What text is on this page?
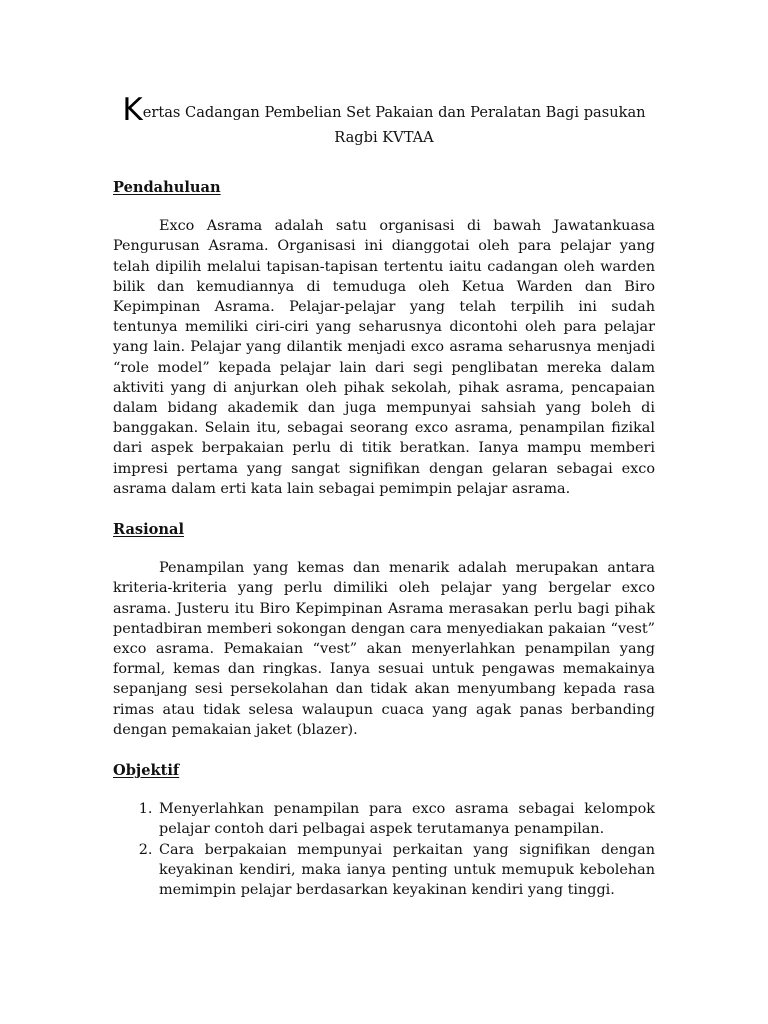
Kertas Cadangan Pembelian Set Pakaian dan Peralatan Bagi pasukan
Ragbi KVTAA
Pendahuluan

Exco Asrama adalah satu organisasi di bawah Jawatankuasa Pengurusan Asrama. Organisasi ini dianggotai oleh para pelajar yang telah dipilih melalui tapisan-tapisan tertentu iaitu cadangan oleh warden bilik dan kemudiannya di temuduga oleh Ketua Warden dan Biro Kepimpinan Asrama. Pelajar-pelajar yang telah terpilih ini sudah tentunya memiliki ciri-ciri yang seharusnya dicontohi oleh para pelajar yang lain. Pelajar yang dilantik menjadi exco asrama seharusnya menjadi “role model” kepada pelajar lain dari segi penglibatan mereka dalam aktiviti yang di anjurkan oleh pihak sekolah, pihak asrama, pencapaian dalam bidang akademik dan juga mempunyai sahsiah yang boleh di banggakan. Selain itu, sebagai seorang exco asrama, penampilan fizikal dari aspek berpakaian perlu di titik beratkan. Ianya mampu memberi impresi pertama yang sangat signifikan dengan gelaran sebagai exco asrama dalam erti kata lain sebagai pemimpin pelajar asrama.

Rasional

Penampilan yang kemas dan menarik adalah merupakan antara kriteria-kriteria yang perlu dimiliki oleh pelajar yang bergelar exco asrama. Justeru itu Biro Kepimpinan Asrama merasakan perlu bagi pihak pentadbiran memberi sokongan dengan cara menyediakan pakaian “vest” exco asrama. Pemakaian “vest” akan menyerlahkan penampilan yang formal, kemas dan ringkas. Ianya sesuai untuk pengawas memakainya sepanjang sesi persekolahan dan tidak akan menyumbang kepada rasa rimas atau tidak selesa walaupun cuaca yang agak panas berbanding dengan pemakaian jaket (blazer).

Objektif
1. Menyerlahkan penampilan para exco asrama sebagai kelompok pelajar contoh dari pelbagai aspek terutamanya penampilan.
2. Cara berpakaian mempunyai perkaitan yang signifikan dengan keyakinan kendiri, maka ianya penting untuk memupuk kebolehan memimpin pelajar berdasarkan keyakinan kendiri yang tinggi.
